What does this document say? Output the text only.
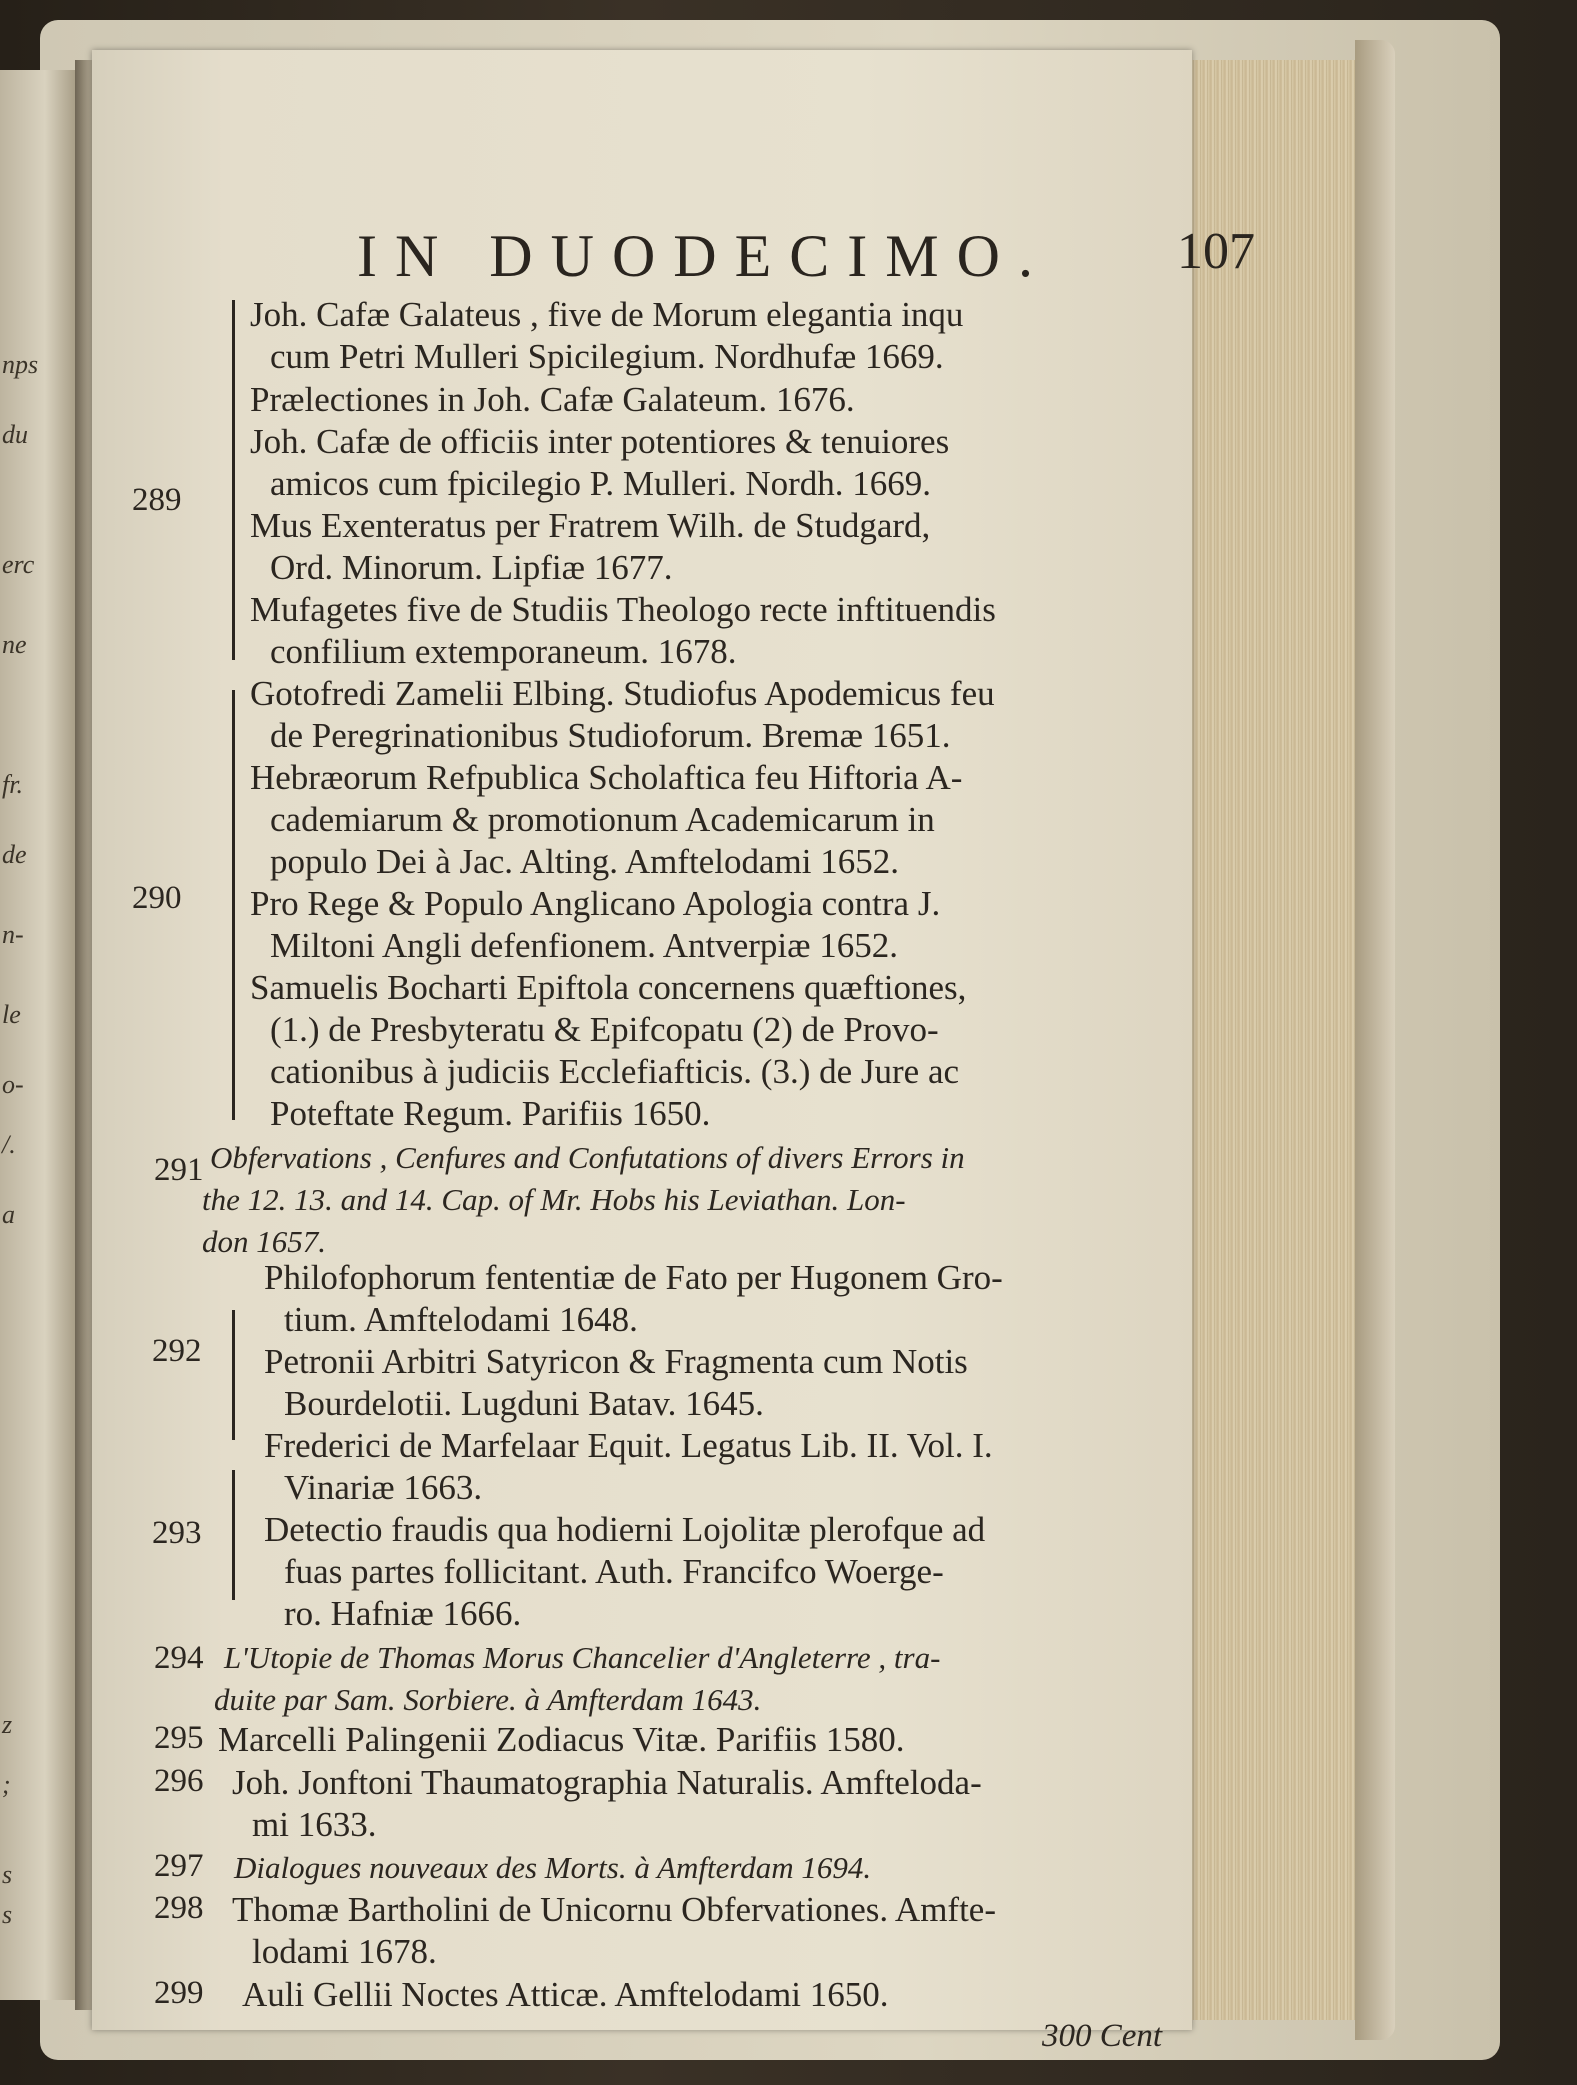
nps
du
erc
ne
fr.
de
n-
le
o-
/.
a
z
;
s
s
IN DUODECIMO. 107
289
290
291
292
293
294
295
296
297
298
299
Joh. Cafæ Galateus , five de Morum elegantia inqu
cum Petri Mulleri Spicilegium. Nordhufæ 1669.
Prælectiones in Joh. Cafæ Galateum. 1676.
Joh. Cafæ de officiis inter potentiores & tenuiores
amicos cum fpicilegio P. Mulleri. Nordh. 1669.
Mus Exenteratus per Fratrem Wilh. de Studgard,
Ord. Minorum. Lipfiæ 1677.
Mufagetes five de Studiis Theologo recte inftituendis
confilium extemporaneum. 1678.
Gotofredi Zamelii Elbing. Studiofus Apodemicus feu
de Peregrinationibus Studioforum. Bremæ 1651.
Hebræorum Refpublica Scholaftica feu Hiftoria A-
cademiarum & promotionum Academicarum in
populo Dei à Jac. Alting. Amftelodami 1652.
Pro Rege & Populo Anglicano Apologia contra J.
Miltoni Angli defenfionem. Antverpiæ 1652.
Samuelis Bocharti Epiftola concernens quæftiones,
(1.) de Presbyteratu & Epifcopatu (2) de Provo-
cationibus à judiciis Ecclefiafticis. (3.) de Jure ac
Poteftate Regum. Parifiis 1650.
Obfervations , Cenfures and Confutations of divers Errors in
the 12. 13. and 14. Cap. of Mr. Hobs his Leviathan. Lon-
don 1657.
Philofophorum fententiæ de Fato per Hugonem Gro-
tium. Amftelodami 1648.
Petronii Arbitri Satyricon & Fragmenta cum Notis
Bourdelotii. Lugduni Batav. 1645.
Frederici de Marfelaar Equit. Legatus Lib. II. Vol. I.
Vinariæ 1663.
Detectio fraudis qua hodierni Lojolitæ plerofque ad
fuas partes follicitant. Auth. Francifco Woerge-
ro. Hafniæ 1666.
L'Utopie de Thomas Morus Chancelier d'Angleterre , tra-
duite par Sam. Sorbiere. à Amfterdam 1643.
Marcelli Palingenii Zodiacus Vitæ. Parifiis 1580.
Joh. Jonftoni Thaumatographia Naturalis. Amfteloda-
mi 1633.
Dialogues nouveaux des Morts. à Amfterdam 1694.
Thomæ Bartholini de Unicornu Obfervationes. Amfte-
lodami 1678.
Auli Gellii Noctes Atticæ. Amftelodami 1650.
300 Cent
